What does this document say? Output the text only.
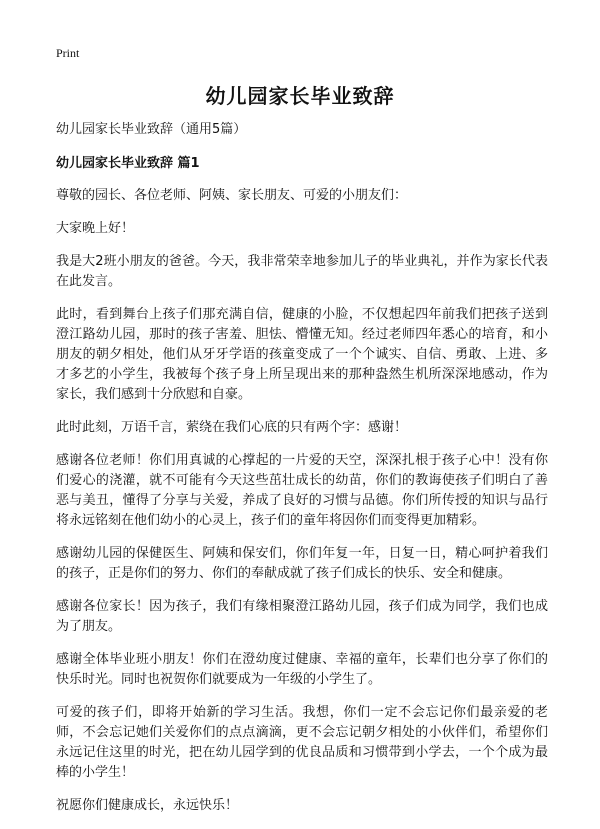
Print
幼儿园家长毕业致辞

幼儿园家长毕业致辞（通用5篇）

幼儿园家长毕业致辞 篇1

尊敬的园长、各位老师、阿姨、家长朋友、可爱的小朋友们：

大家晚上好！

我是大2班小朋友的爸爸。今天，我非常荣幸地参加儿子的毕业典礼，并作为家长代表在此发言。

此时，看到舞台上孩子们那充满自信，健康的小脸，不仅想起四年前我们把孩子送到澄江路幼儿园，那时的孩子害羞、胆怯、懵懂无知。经过老师四年悉心的培育，和小朋友的朝夕相处，他们从牙牙学语的孩童变成了一个个诚实、自信、勇敢、上进、多才多艺的小学生，我被每个孩子身上所呈现出来的那种盎然生机所深深地感动，作为家长，我们感到十分欣慰和自豪。

此时此刻，万语千言，萦绕在我们心底的只有两个字：感谢！

感谢各位老师！你们用真诚的心撑起的一片爱的天空，深深扎根于孩子心中！没有你们爱心的浇灌，就不可能有今天这些茁壮成长的幼苗，你们的教诲使孩子们明白了善恶与美丑，懂得了分享与关爱，养成了良好的习惯与品德。你们所传授的知识与品行将永远铭刻在他们幼小的心灵上，孩子们的童年将因你们而变得更加精彩。

感谢幼儿园的保健医生、阿姨和保安们，你们年复一年，日复一日，精心呵护着我们的孩子，正是你们的努力、你们的奉献成就了孩子们成长的快乐、安全和健康。

感谢各位家长！因为孩子，我们有缘相聚澄江路幼儿园，孩子们成为同学，我们也成为了朋友。

感谢全体毕业班小朋友！你们在澄幼度过健康、幸福的童年，长辈们也分享了你们的快乐时光。同时也祝贺你们就要成为一年级的小学生了。

可爱的孩子们，即将开始新的学习生活。我想，你们一定不会忘记你们最亲爱的老师，不会忘记她们关爱你们的点点滴滴，更不会忘记朝夕相处的小伙伴们，希望你们永远记住这里的时光，把在幼儿园学到的优良品质和习惯带到小学去，一个个成为最棒的小学生！

祝愿你们健康成长，永远快乐！
